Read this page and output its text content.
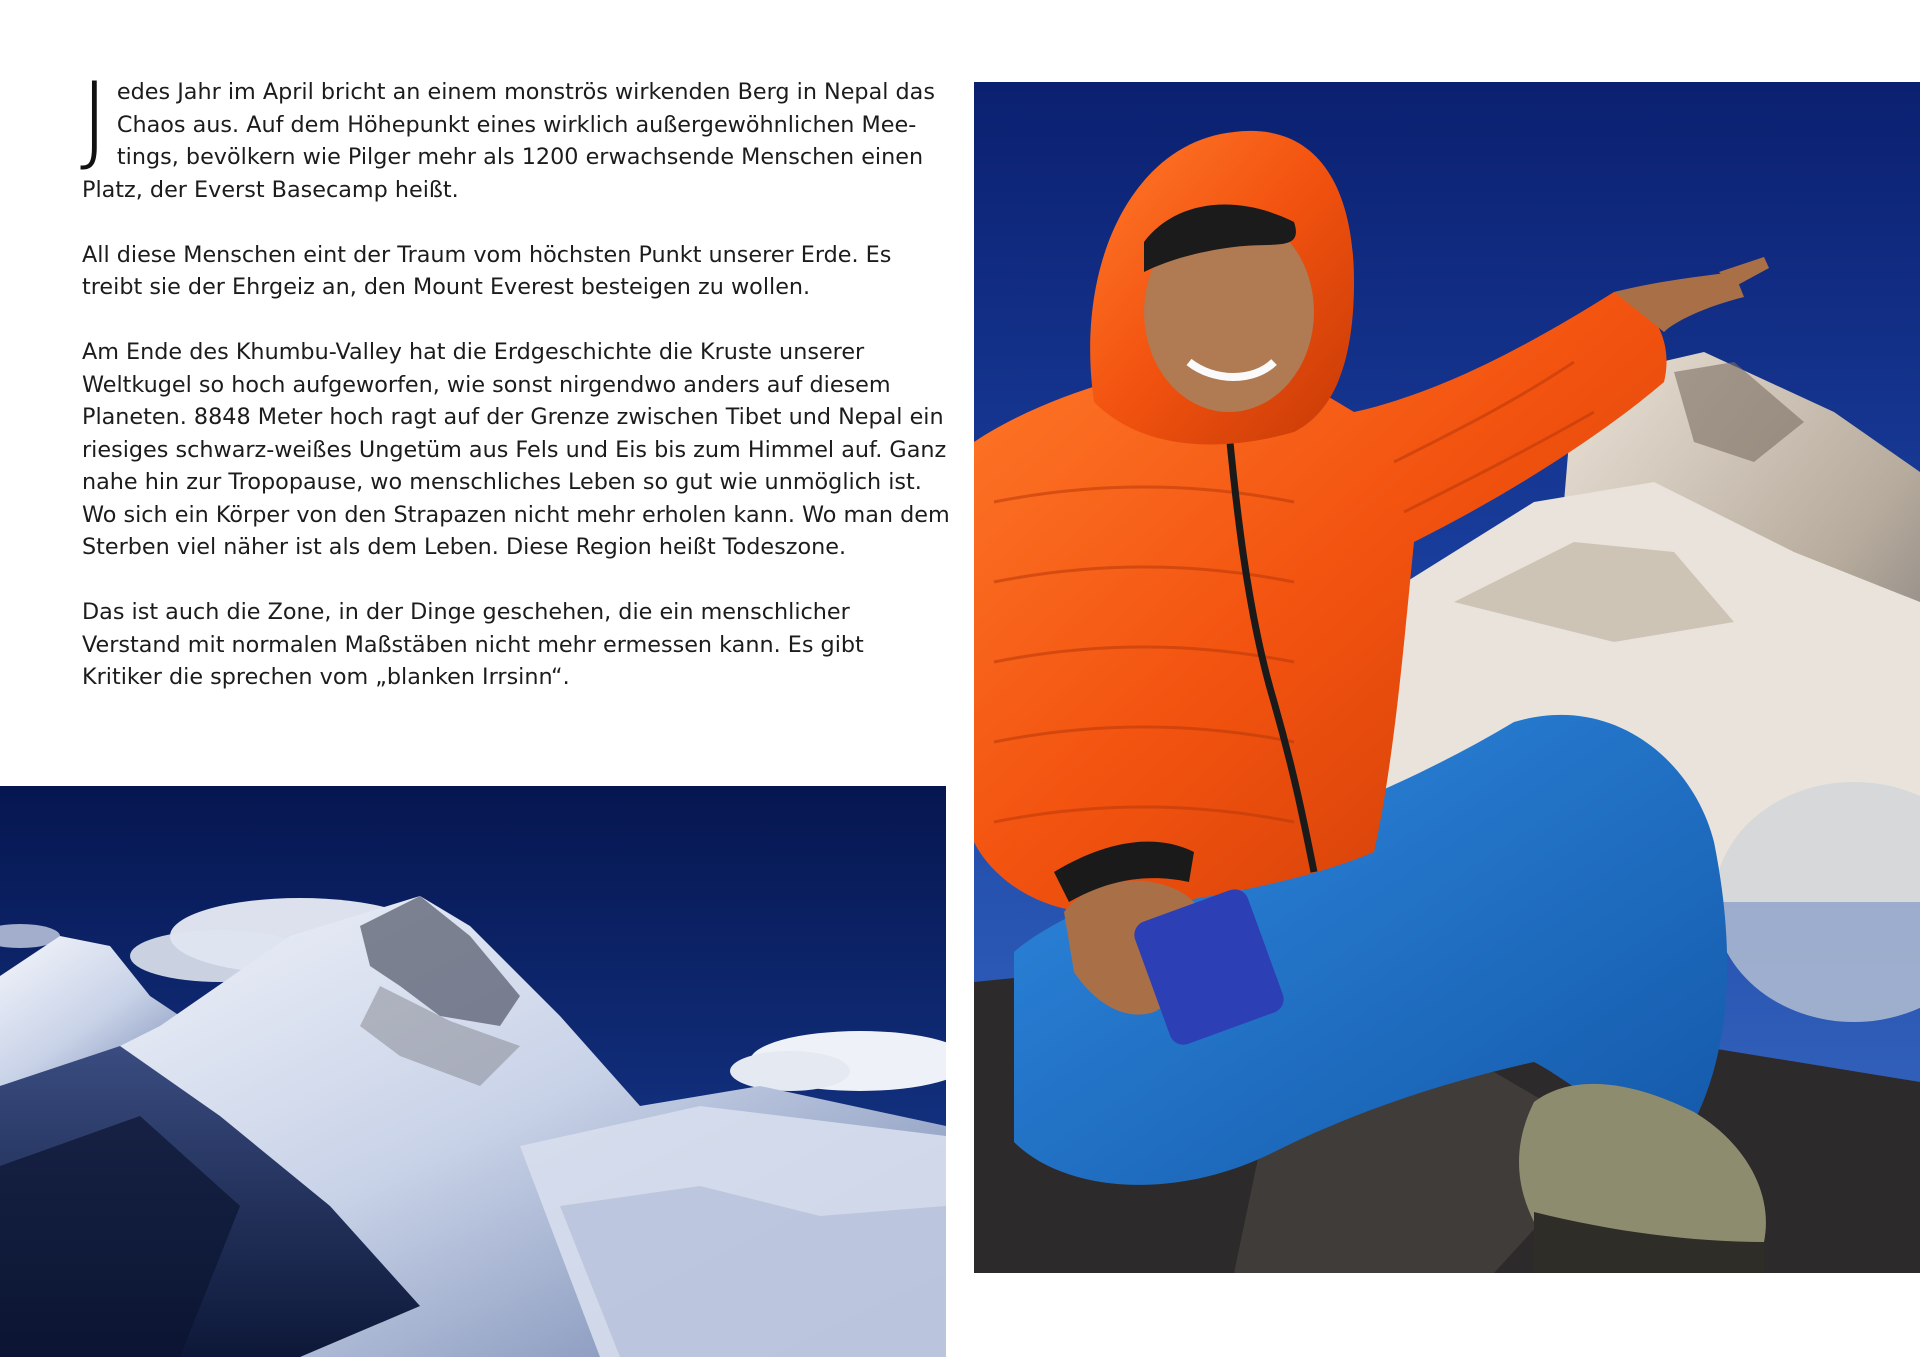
Jedes Jahr im April bricht an einem monströs wirkenden Berg in Nepal das Chaos aus. Auf dem Höhepunkt eines wirklich außergewöhnlichen Meetings, bevölkern wie Pilger mehr als 1200 erwachsende Menschen einen Platz, der Everst Basecamp heißt.

All diese Menschen eint der Traum vom höchsten Punkt unserer Erde. Es treibt sie der Ehrgeiz an, den Mount Everest besteigen zu wollen.

Am Ende des Khumbu-Valley hat die Erdgeschichte die Kruste unserer Weltkugel so hoch aufgeworfen, wie sonst nirgendwo anders auf diesem Planeten. 8848 Meter hoch ragt auf der Grenze zwischen Tibet und Nepal ein riesiges schwarz-weißes Ungetüm aus Fels und Eis bis zum Himmel auf. Ganz nahe hin zur Tropopause, wo menschliches Leben so gut wie unmöglich ist. Wo sich ein Körper von den Strapazen nicht mehr erholen kann. Wo man dem Sterben viel näher ist als dem Leben. Diese Region heißt Todeszone.

Das ist auch die Zone, in der Dinge geschehen, die ein menschlicher Verstand mit normalen Maßstäben nicht mehr ermessen kann. Es gibt Kritiker die sprechen vom „blanken Irrsinn“.
